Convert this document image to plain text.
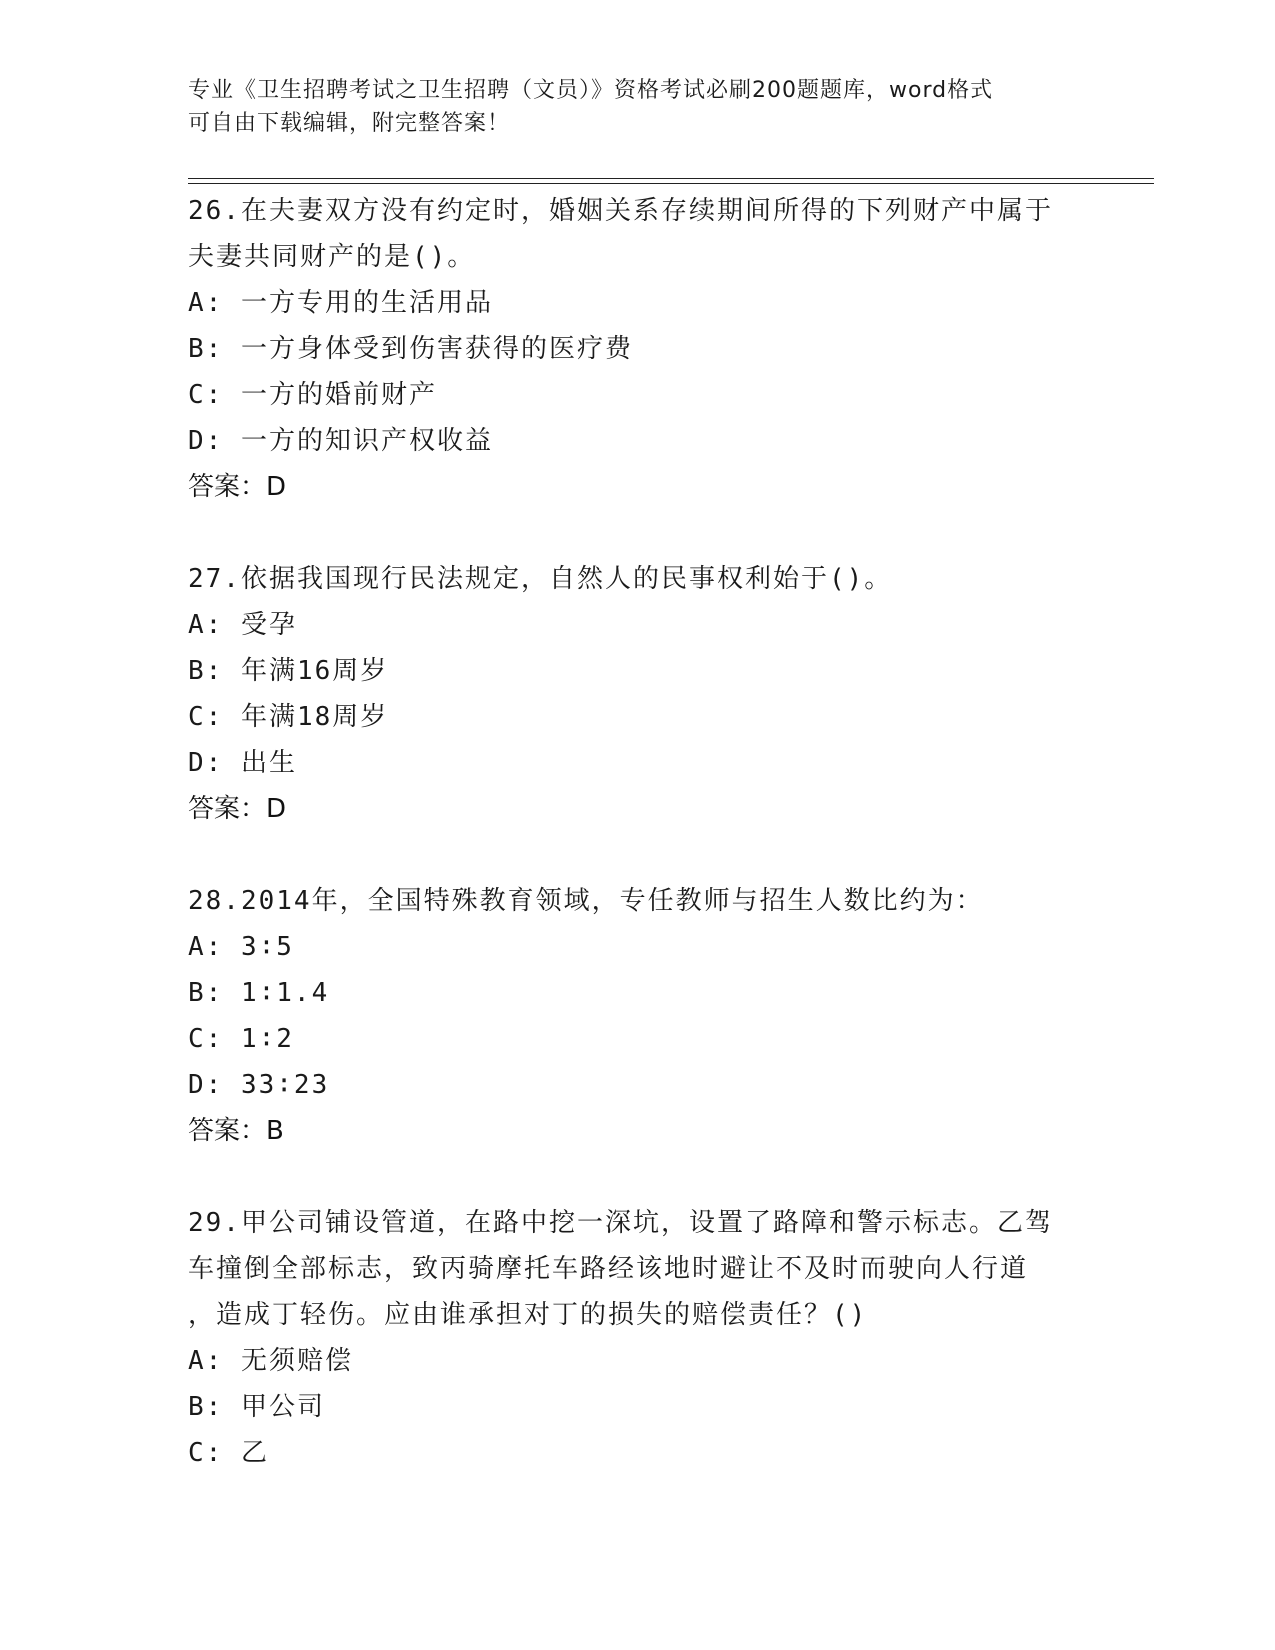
专业《卫生招聘考试之卫生招聘（文员）》资格考试必刷200题题库，word格式
可自由下载编辑，附完整答案！
26.在夫妻双方没有约定时，婚姻关系存续期间所得的下列财产中属于
夫妻共同财产的是()。
A: 一方专用的生活用品
B: 一方身体受到伤害获得的医疗费
C: 一方的婚前财产
D: 一方的知识产权收益
答案：D
27.依据我国现行民法规定，自然人的民事权利始于()。
A: 受孕
B: 年满16周岁
C: 年满18周岁
D: 出生
答案：D
28.2014年，全国特殊教育领域，专任教师与招生人数比约为：
A: 3∶5
B: 1∶1.4
C: 1∶2
D: 33∶23
答案：B
29.甲公司铺设管道，在路中挖一深坑，设置了路障和警示标志。乙驾
车撞倒全部标志，致丙骑摩托车路经该地时避让不及时而驶向人行道
，造成丁轻伤。应由谁承担对丁的损失的赔偿责任？()
A: 无须赔偿
B: 甲公司
C: 乙
